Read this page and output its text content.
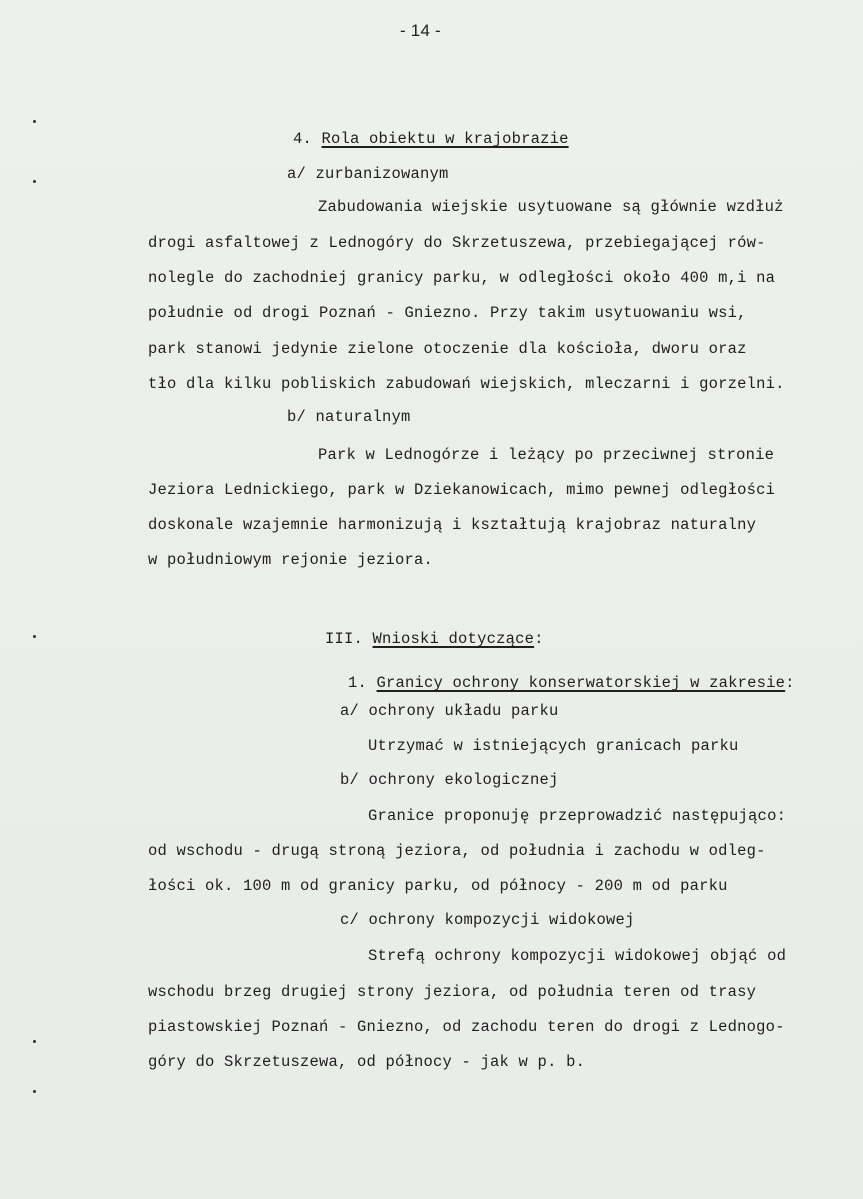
- 14 -

4. Rola obiektu w krajobrazie

a/ zurbanizowanym
Zabudowania wiejskie usytuowane są głównie wzdłuż
drogi asfaltowej z Lednogóry do Skrzetuszewa, przebiegającej rów-
nolegle do zachodniej granicy parku, w odległości około 400 m,i na
południe od drogi Poznań - Gniezno. Przy takim usytuowaniu wsi,
park stanowi jedynie zielone otoczenie dla kościoła, dworu oraz
tło dla kilku pobliskich zabudowań wiejskich, mleczarni i gorzelni.
b/ naturalnym
Park w Lednogórze i leżący po przeciwnej stronie
Jeziora Lednickiego, park w Dziekanowicach, mimo pewnej odległości
doskonale wzajemnie harmonizują i kształtują krajobraz naturalny
w południowym rejonie jeziora.

III. Wnioski dotyczące:

1. Granicy ochrony konserwatorskiej w zakresie:

a/ ochrony układu parku
Utrzymać w istniejących granicach parku
b/ ochrony ekologicznej
Granice proponuję przeprowadzić następująco:
od wschodu - drugą stroną jeziora, od południa i zachodu w odleg-
łości ok. 100 m od granicy parku, od północy - 200 m od parku
c/ ochrony kompozycji widokowej
Strefą ochrony kompozycji widokowej objąć od
wschodu brzeg drugiej strony jeziora, od południa teren od trasy
piastowskiej Poznań - Gniezno, od zachodu teren do drogi z Lednogo-
góry do Skrzetuszewa, od północy - jak w p. b.
